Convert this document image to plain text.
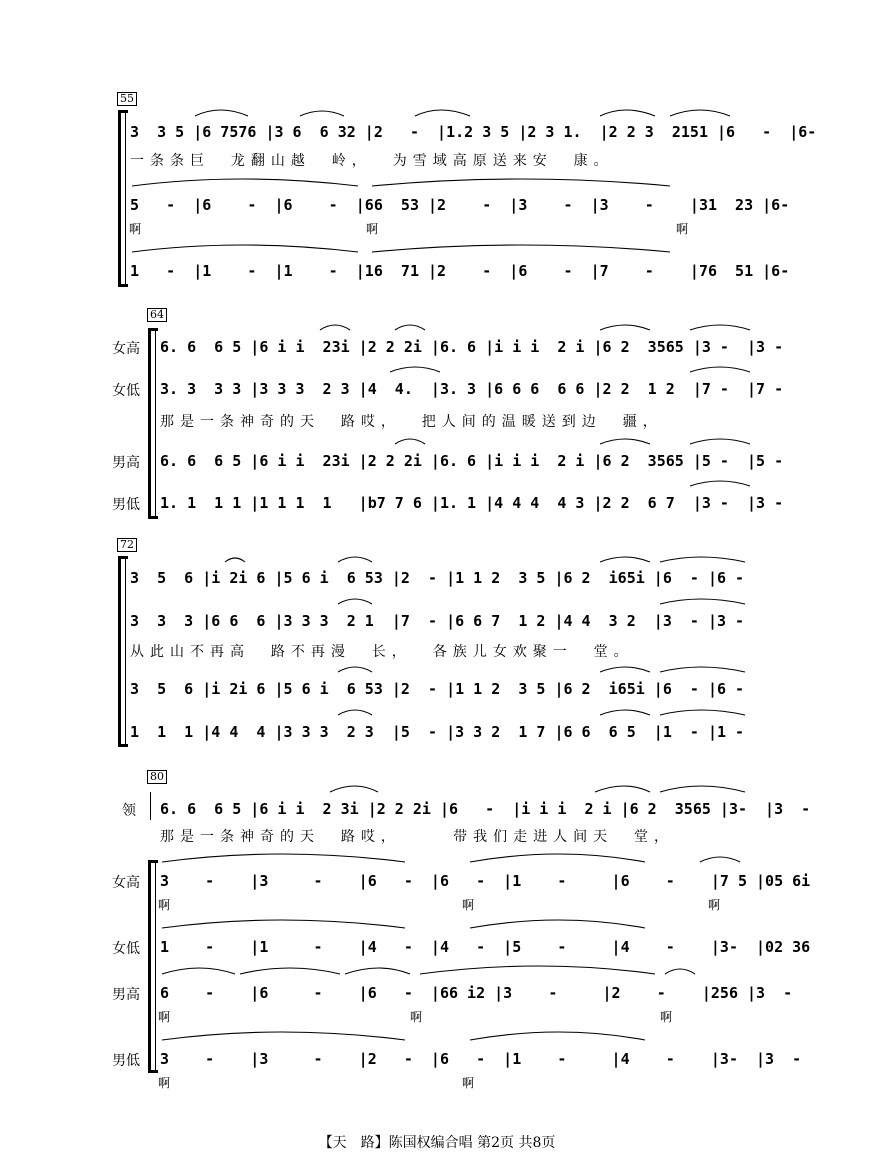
55
3  3 5 |6 7576 |3 6  6 32 |2   -  |1.2 3 5 |2 3 1.  |2 2 3  2151 |6   -  |6-
一条条巨  龙翻山越  岭，  为雪域高原送来安  康。
5   -  |6    -  |6    -  |66  53 |2    -  |3    -  |3    -    |31  23 |6-
啊	啊	啊
1   -  |1    -  |1    -  |16  71 |2    -  |6    -  |7    -    |76  51 |6-
64
女高
女低
男高
男低
6. 6  6 5 |6 i i  23i |2 2 2i |6. 6 |i i i  2 i |6 2  3565 |3 -  |3 -
3. 3  3 3 |3 3 3  2 3 |4  4.  |3. 3 |6 6 6  6 6 |2 2  1 2  |7 -  |7 -
那是一条神奇的天  路哎，  把人间的温暖送到边  疆，
6. 6  6 5 |6 i i  23i |2 2 2i |6. 6 |i i i  2 i |6 2  3565 |5 -  |5 -
1. 1  1 1 |1 1 1  1   |b7 7 6 |1. 1 |4 4 4  4 3 |2 2  6 7  |3 -  |3 -
72
3  5  6 |i 2i 6 |5 6 i  6 53 |2  - |1 1 2  3 5 |6 2  i65i |6  - |6 -
3  3  3 |6 6  6 |3 3 3  2 1  |7  - |6 6 7  1 2 |4 4  3 2  |3  - |3 -
从此山不再高  路不再漫  长，  各族儿女欢聚一  堂。
3  5  6 |i 2i 6 |5 6 i  6 53 |2  - |1 1 2  3 5 |6 2  i65i |6  - |6 -
1  1  1 |4 4  4 |3 3 3  2 3  |5  - |3 3 2  1 7 |6 6  6 5  |1  - |1 -
80
领
女高
女低
男高
男低
6. 6  6 5 |6 i i  2 3i |2 2 2i |6   -  |i i i  2 i |6 2  3565 |3-  |3  -
那是一条神奇的天  路哎，     带我们走进人间天  堂，
3    -    |3     -    |6   -  |6   -  |1    -     |6    -    |7 5 |05 6i
啊	啊	啊
1    -    |1     -    |4   -  |4   -  |5    -     |4    -    |3-  |02 36
6    -    |6     -    |6   -  |66 i2 |3    -     |2    -    |256 |3  -
啊	啊	啊
3    -    |3     -    |2   -  |6   -  |1    -     |4    -    |3-  |3  -
啊	啊
【天　路】陈国权编合唱 第2页 共8页
